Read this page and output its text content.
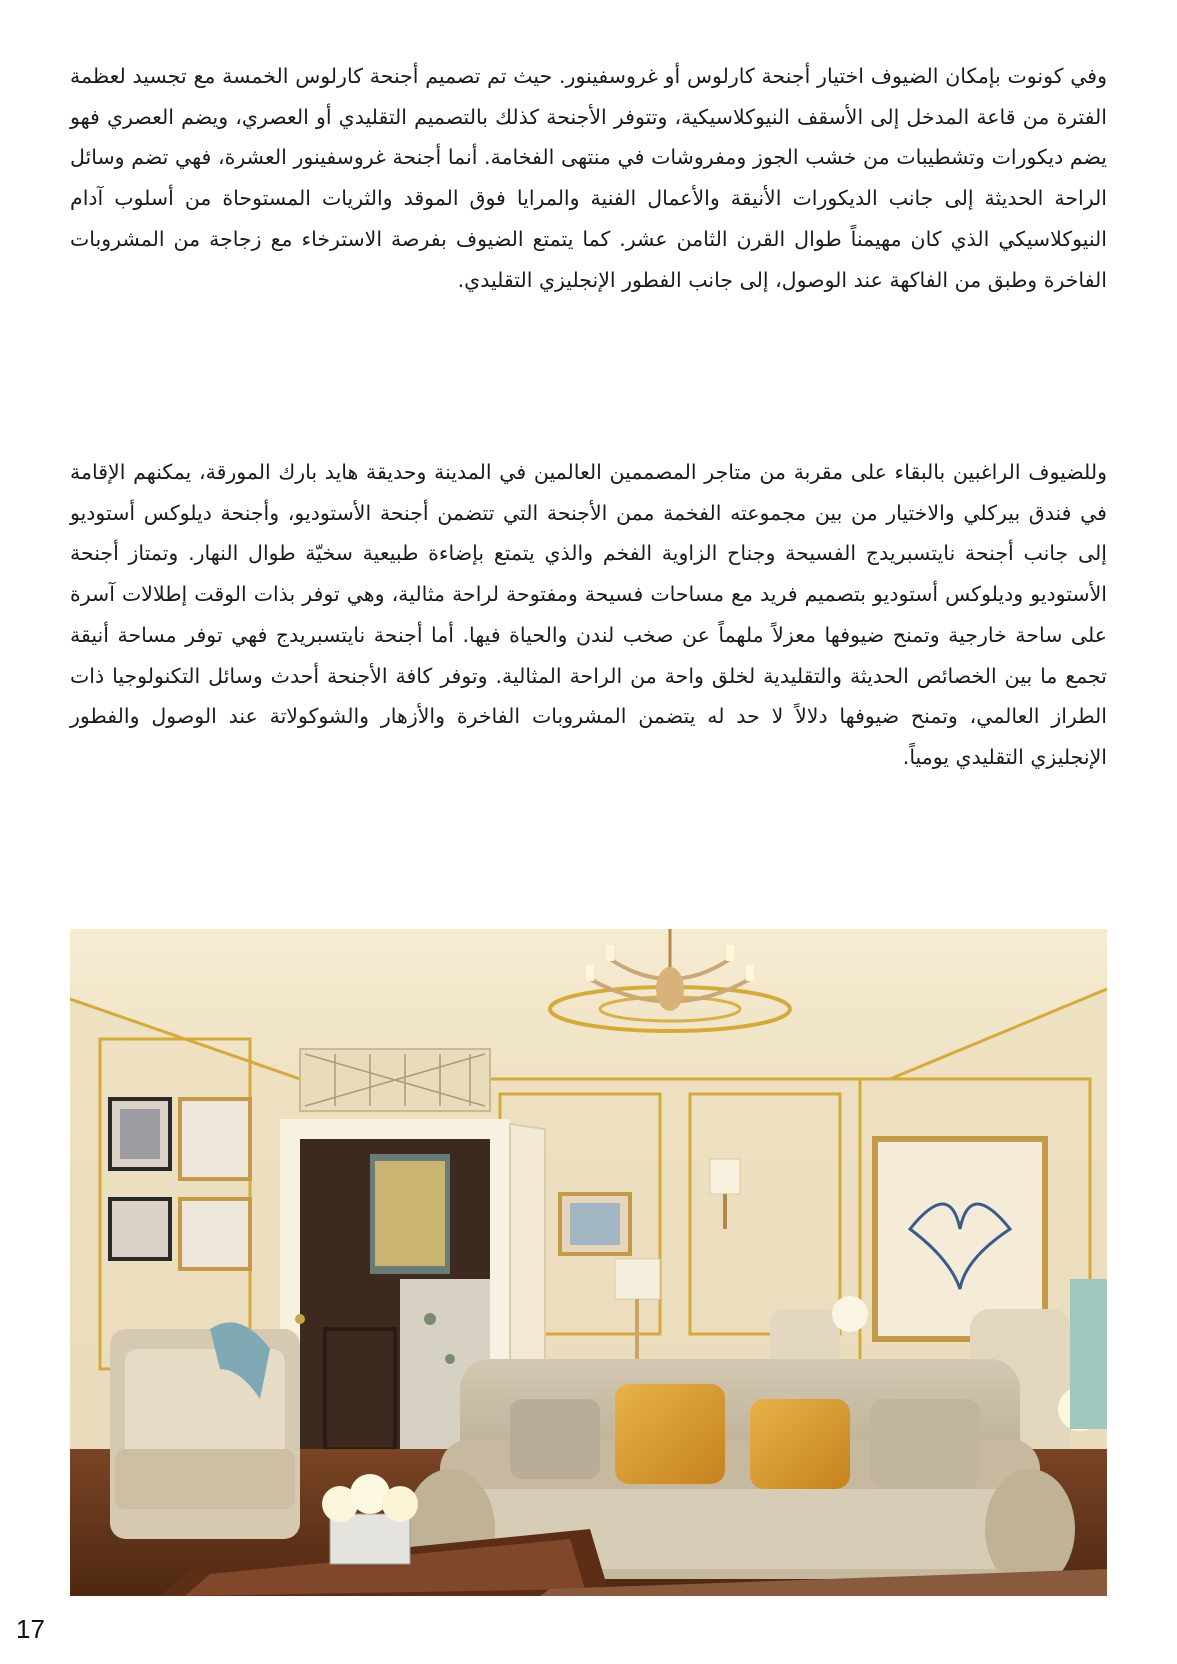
وفي كونوت بإمكان الضيوف اختيار أجنحة كارلوس أو غروسفينور. حيث تم تصميم أجنحة كارلوس الخمسة مع تجسيد لعظمة الفترة من قاعة المدخل إلى الأسقف النيوكلاسيكية، وتتوفر الأجنحة كذلك بالتصميم التقليدي أو العصري، ويضم العصري فهو يضم ديكورات وتشطيبات من خشب الجوز ومفروشات في منتهى الفخامة. أنما أجنحة غروسفينور العشرة، فهي تضم وسائل الراحة الحديثة إلى جانب الديكورات الأنيقة والأعمال الفنية والمرايا فوق الموقد والثريات المستوحاة من أسلوب آدام النيوكلاسيكي الذي كان مهيمناً طوال القرن الثامن عشر. كما يتمتع الضيوف بفرصة الاسترخاء مع زجاجة من المشروبات الفاخرة وطبق من الفاكهة عند الوصول، إلى جانب الفطور الإنجليزي التقليدي.

وللضيوف الراغبين بالبقاء على مقربة من متاجر المصممين العالمين في المدينة وحديقة هايد بارك المورقة، يمكنهم الإقامة في فندق بيركلي والاختيار من بين مجموعته الفخمة ممن الأجنحة التي تتضمن أجنحة الأستوديو، وأجنحة ديلوكس أستوديو إلى جانب أجنحة نايتسبريدج الفسيحة وجناح الزاوية الفخم والذي يتمتع بإضاءة طبيعية سخيّة طوال النهار. وتمتاز أجنحة الأستوديو وديلوكس أستوديو بتصميم فريد مع مساحات فسيحة ومفتوحة لراحة مثالية، وهي توفر بذات الوقت إطلالات آسرة على ساحة خارجية وتمنح ضيوفها معزلاً ملهماً عن صخب لندن والحياة فيها. أما أجنحة نايتسبريدج فهي توفر مساحة أنيقة تجمع ما بين الخصائص الحديثة والتقليدية لخلق واحة من الراحة المثالية. وتوفر كافة الأجنحة أحدث وسائل التكنولوجيا ذات الطراز العالمي، وتمنح ضيوفها دلالاً لا حد له يتضمن المشروبات الفاخرة والأزهار والشوكولاتة عند الوصول والفطور الإنجليزي التقليدي يومياً.

17
